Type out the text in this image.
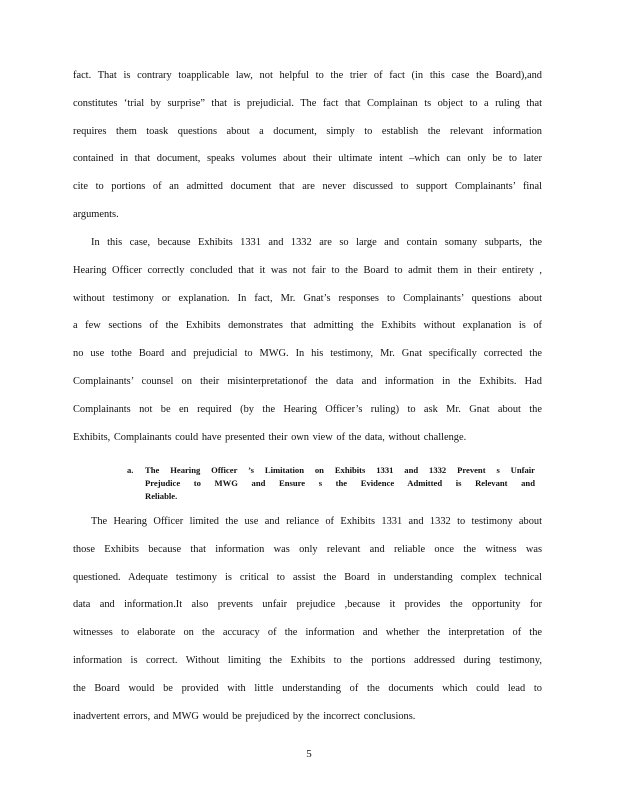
fact. That is contrary toapplicable law, not helpful to the trier of fact (in this case the Board),and
constitutes ‘trial by surprise” that is prejudicial. The fact that Complainan ts object to a ruling that
requires them toask questions about a document, simply to establish the relevant information
contained in that document, speaks volumes about their ultimate intent –which can only be to later
cite to portions of an admitted document that are never discussed to support Complainants’ final
arguments.
In this case, because Exhibits 1331 and 1332 are so large and contain somany subparts, the
Hearing Officer correctly concluded that it was not fair to the Board to admit them in their entirety ,
without testimony or explanation. In fact, Mr. Gnat’s responses to Complainants’ questions about
a few sections of the Exhibits demonstrates that admitting the Exhibits without explanation is of
no use tothe Board and prejudicial to MWG. In his testimony, Mr. Gnat specifically corrected the
Complainants’ counsel on their misinterpretationof the data and information in the Exhibits. Had
Complainants not be en required (by the Hearing Officer’s ruling) to ask Mr. Gnat about the
Exhibits, Complainants could have presented their own view of the data, without challenge.
a.	The Hearing Officer ’s Limitation on Exhibits 1331 and 1332 Prevent s Unfair
Prejudice to MWG and Ensure s the Evidence Admitted is Relevant and
Reliable.
The Hearing Officer limited the use and reliance of Exhibits 1331 and 1332 to testimony about
those Exhibits because that information was only relevant and reliable once the witness was
questioned. Adequate testimony is critical to assist the Board in understanding complex technical
data and information.It also prevents unfair prejudice ,because it provides the opportunity for
witnesses to elaborate on the accuracy of the information and whether the interpretation of the
information is correct. Without limiting the Exhibits to the portions addressed during testimony,
the Board would be provided with little understanding of the documents which could lead to
inadvertent errors, and MWG would be prejudiced by the incorrect conclusions.
5
